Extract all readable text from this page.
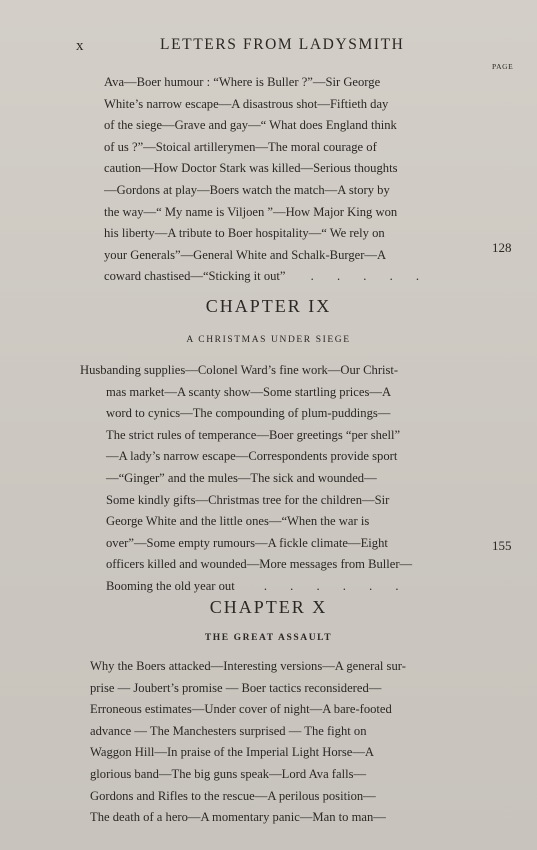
x	LETTERS FROM LADYSMITH
PAGE
Ava—Boer humour : “Where is Buller ?”—Sir George
White’s narrow escape—A disastrous shot—Fiftieth day
of the siege—Grave and gay—“ What does England think
of us ?”—Stoical artillerymen—The moral courage of
caution—How Doctor Stark was killed—Serious thoughts
—Gordons at play—Boers watch the match—A story by
the way—“ My name is Viljoen ”—How Major King won
his liberty—A tribute to Boer hospitality—“ We rely on
your Generals”—General White and Schalk-Burger—A
coward chastised—“Sticking it out” . . . . .
128
CHAPTER IX
A CHRISTMAS UNDER SIEGE
Husbanding supplies—Colonel Ward’s fine work—Our Christ-
mas market—A scanty show—Some startling prices—A
word to cynics—The compounding of plum-puddings—
The strict rules of temperance—Boer greetings “per shell”
—A lady’s narrow escape—Correspondents provide sport
—“Ginger” and the mules—The sick and wounded—
Some kindly gifts—Christmas tree for the children—Sir
George White and the little ones—“When the war is
over”—Some empty rumours—A fickle climate—Eight
officers killed and wounded—More messages from Buller—
Booming the old year out . . . . . .
155
CHAPTER X
THE GREAT ASSAULT
Why the Boers attacked—Interesting versions—A general sur-
prise — Joubert’s promise — Boer tactics reconsidered—
Erroneous estimates—Under cover of night—A bare-footed
advance — The Manchesters surprised — The fight on
Waggon Hill—In praise of the Imperial Light Horse—A
glorious band—The big guns speak—Lord Ava falls—
Gordons and Rifles to the rescue—A perilous position—
The death of a hero—A momentary panic—Man to man—
